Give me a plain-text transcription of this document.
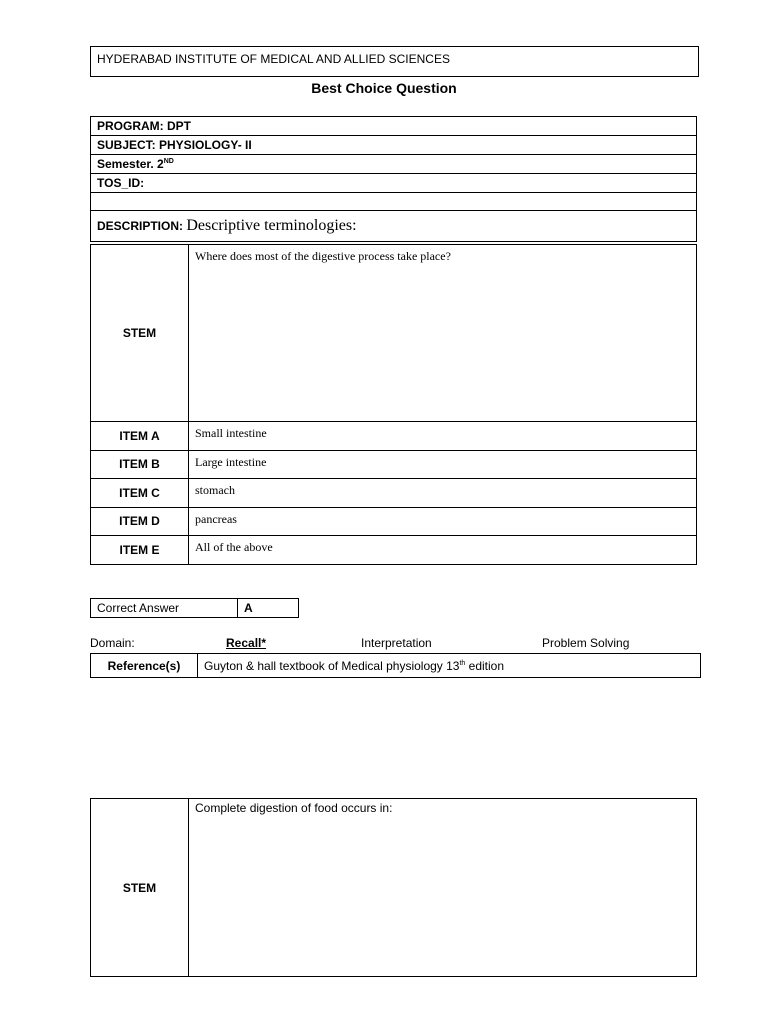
HYDERABAD INSTITUTE OF MEDICAL AND ALLIED SCIENCES
Best Choice Question
PROGRAM: DPT
SUBJECT: PHYSIOLOGY- II
Semester. 2ND
TOS_ID:

DESCRIPTION: Descriptive terminologies:
STEM	Where does most of the digestive process take place?
ITEM A	Small intestine
ITEM B	Large intestine
ITEM C	stomach
ITEM D	pancreas
ITEM E	All of the above
Correct Answer	A
Domain:	Recall*	Interpretation	Problem Solving
Reference(s)	Guyton & hall textbook of Medical physiology 13th edition
STEM	Complete digestion of food occurs in:
